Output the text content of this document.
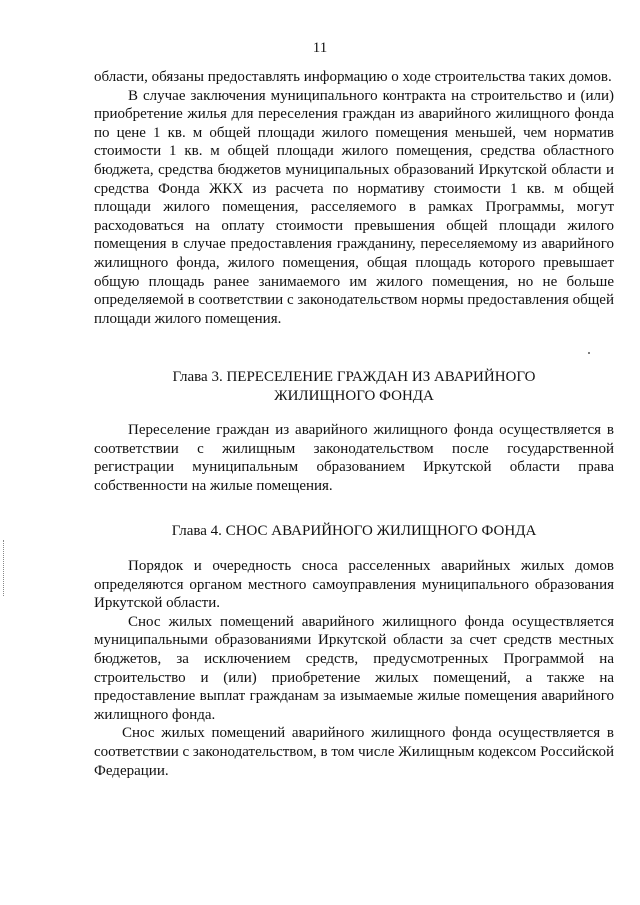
11

области, обязаны предоставлять информацию о ходе строительства таких домов.

В случае заключения муниципального контракта на строительство и (или) приобретение жилья для переселения граждан из аварийного жилищного фонда по цене 1 кв. м общей площади жилого помещения меньшей, чем норматив стоимости 1 кв. м общей площади жилого помещения, средства областного бюджета, средства бюджетов муниципальных образований Иркутской области и средства Фонда ЖКХ из расчета по нормативу стоимости 1 кв. м общей площади жилого помещения, расселяемого в рамках Программы, могут расходоваться на оплату стоимости превышения общей площади жилого помещения в случае предоставления гражданину, переселяемому из аварийного жилищного фонда, жилого помещения, общая площадь которого превышает общую площадь ранее занимаемого им жилого помещения, но не больше определяемой в соответствии с законодательством нормы предоставления общей площади жилого помещения.

Глава 3. ПЕРЕСЕЛЕНИЕ ГРАЖДАН ИЗ АВАРИЙНОГО
ЖИЛИЩНОГО ФОНДА

Переселение граждан из аварийного жилищного фонда осуществляется в соответствии с жилищным законодательством после государственной регистрации муниципальным образованием Иркутской области права собственности на жилые помещения.

Глава 4. СНОС АВАРИЙНОГО ЖИЛИЩНОГО ФОНДА

Порядок и очередность сноса расселенных аварийных жилых домов определяются органом местного самоуправления муниципального образования Иркутской области.

Снос жилых помещений аварийного жилищного фонда осуществляется муниципальными образованиями Иркутской области за счет средств местных бюджетов, за исключением средств, предусмотренных Программой на строительство и (или) приобретение жилых помещений, а также на предоставление выплат гражданам за изымаемые жилые помещения аварийного жилищного фонда.

Снос жилых помещений аварийного жилищного фонда осуществляется в соответствии с законодательством, в том числе Жилищным кодексом Российской Федерации.
